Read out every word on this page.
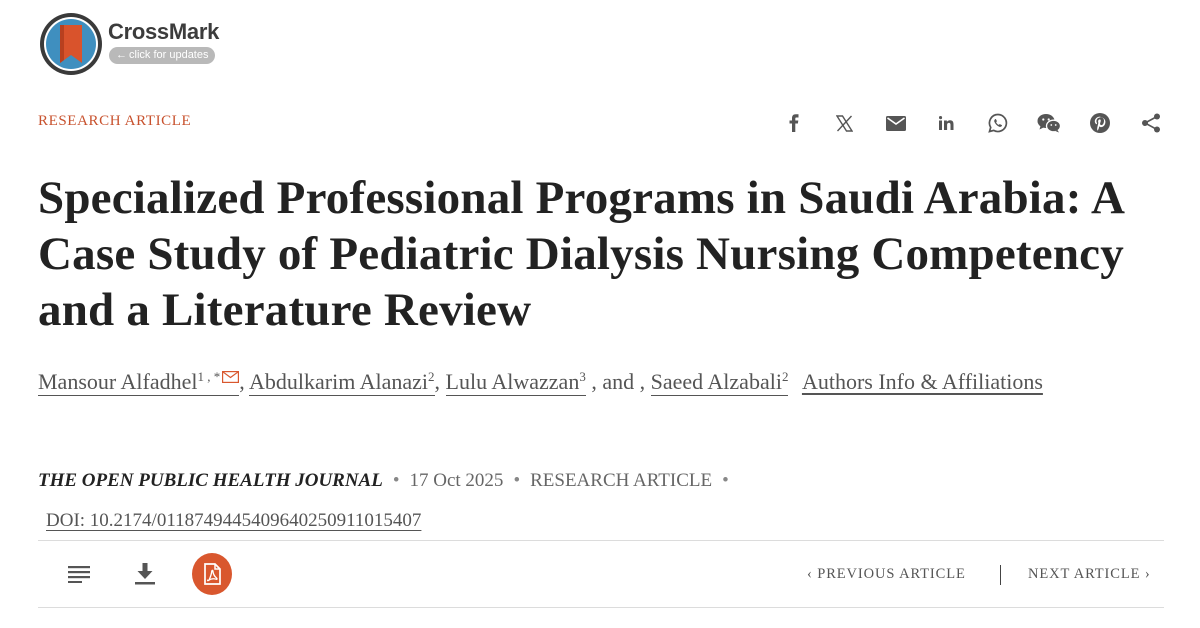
CrossMark
← click for updates
RESEARCH ARTICLE
Specialized Professional Programs in Saudi Arabia: A Case Study of Pediatric Dialysis Nursing Competency and a Literature Review
Mansour Alfadhel$^{1 , *}$ , Abdulkarim Alanazi$^2$, Lulu Alwazzan$^3$ , and , Saeed Alzabali$^2$ Authors Info & Affiliations
THE OPEN PUBLIC HEALTH JOURNAL • 17 Oct 2025 • RESEARCH ARTICLE •
DOI: 10.2174/0118749445409640250911015407
‹ PREVIOUS ARTICLE	NEXT ARTICLE ›
